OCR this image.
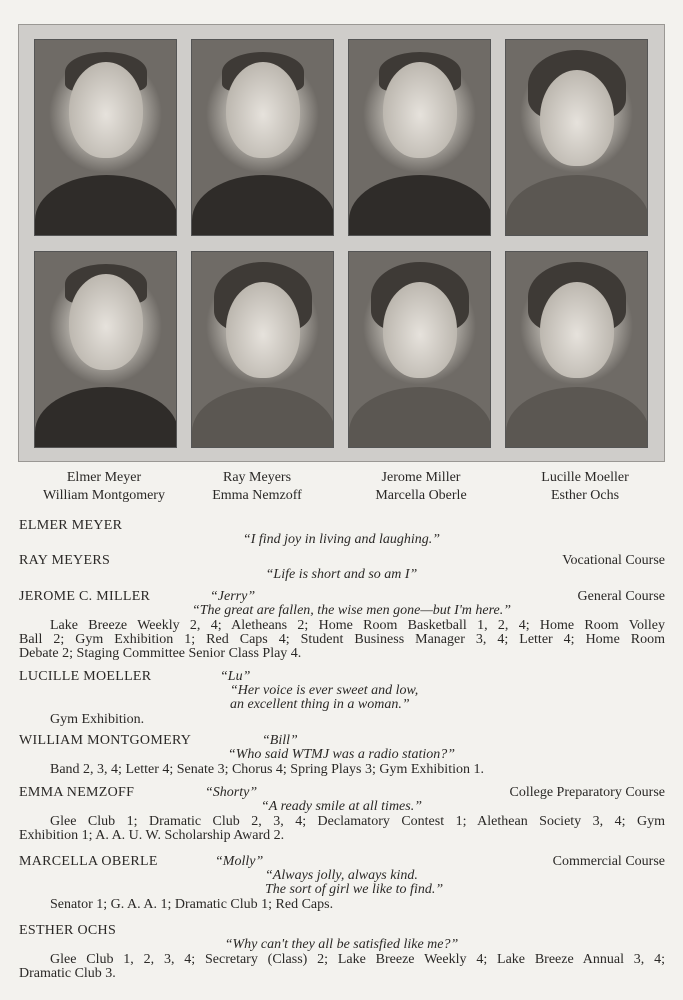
Elmer Meyer	Ray Meyers	Jerome Miller	Lucille Moeller
William Montgomery	Emma Nemzoff	Marcella Oberle	Esther Ochs
ELMER MEYER
“I find joy in living and laughing.”
RAY MEYERS	Vocational Course
“Life is short and so am I”
JEROME C. MILLER	“Jerry”	General Course
“The great are fallen, the wise men gone—but I'm here.”
Lake Breeze Weekly 2, 4; Aletheans 2; Home Room Basketball 1, 2, 4; Home Room Volley
Ball 2; Gym Exhibition 1; Red Caps 4; Student Business Manager 3, 4; Letter 4; Home Room
Debate 2; Staging Committee Senior Class Play 4.
LUCILLE MOELLER	“Lu”
“Her voice is ever sweet and low,
an excellent thing in a woman.”
Gym Exhibition.
WILLIAM MONTGOMERY	“Bill”
“Who said WTMJ was a radio station?”
Band 2, 3, 4; Letter 4; Senate 3; Chorus 4; Spring Plays 3; Gym Exhibition 1.
EMMA NEMZOFF	“Shorty”	College Preparatory Course
“A ready smile at all times.”
Glee Club 1; Dramatic Club 2, 3, 4; Declamatory Contest 1; Alethean Society 3, 4; Gym
Exhibition 1; A. A. U. W. Scholarship Award 2.
MARCELLA OBERLE	“Molly”	Commercial Course
“Always jolly, always kind.
The sort of girl we like to find.”
Senator 1; G. A. A. 1; Dramatic Club 1; Red Caps.
ESTHER OCHS
“Why can't they all be satisfied like me?”
Glee Club 1, 2, 3, 4; Secretary (Class) 2; Lake Breeze Weekly 4; Lake Breeze Annual 3, 4;
Dramatic Club 3.
